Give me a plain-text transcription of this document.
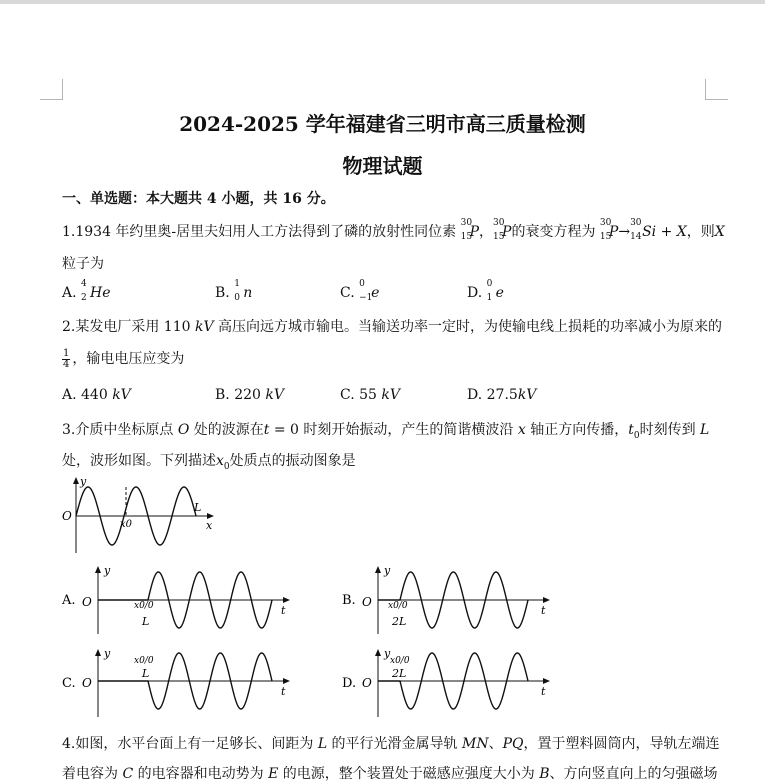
2024-2025 学年福建省三明市高三质量检测
物理试题
一、单选题：本大题共 4 小题，共 16 分。
1.1934 年约里奥-居里夫妇用人工方法得到了磷的放射性同位素
30
15
P，
30
15
P的衰变方程为
30
15
P→
30
14 Si + X，则X
粒子为
A.
4
2 He	B.
1
0 n	C.
0
−1
e	D.
0
1 e
2.某发电厂采用 110 kV 高压向远方城市输电。当输送功率一定时，为使输电线上损耗的功率减小为原来的
$\frac{1}{4}$ ，输电电压应变为
A. 440 kV	B. 220 kV	C. 55 kV	D. 27.5kV
3.介质中坐标原点 O 处的波源在t = 0 时刻开始振动，产生的简谐横波沿 x 轴正方向传播，$t_0$时刻传到 L
处，波形如图。下列描述$x_0$处质点的振动图象是
y
O
L
x
x0
A.
y
O	x0/0
L
t
B.
y
O x0/0
2L
t
C.
y
O
x0/0
L
t
D.
y
O
x0/0
2L
t
4.如图，水平台面上有一足够长、间距为 L 的平行光滑金属导轨 MN、PQ，置于塑料圆筒内，导轨左端连
着电容为 C 的电容器和电动势为 E 的电源，整个装置处于磁感应强度大小为 B、方向竖直向上的匀强磁场
